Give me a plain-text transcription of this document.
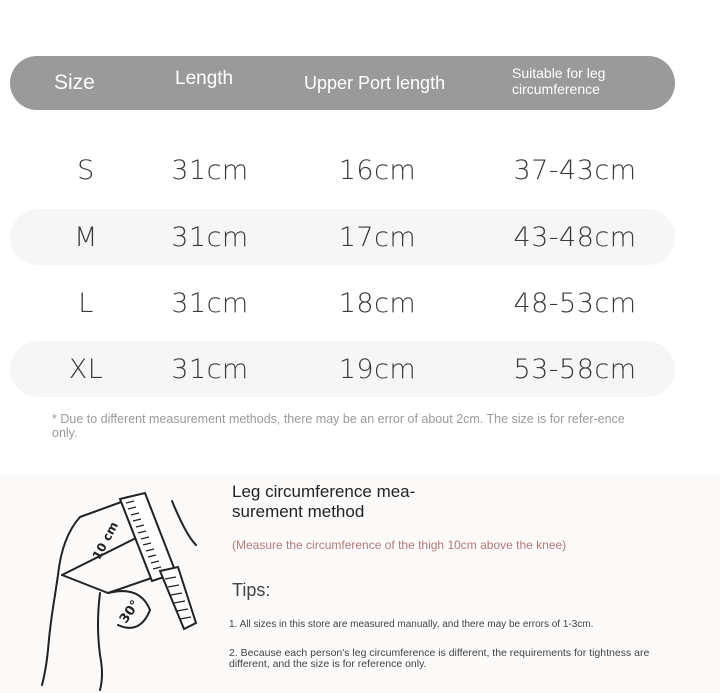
Size	Length	Upper Port length	Suitable for leg circumference
S	31cm	16cm	37-43cm
M	31cm	17cm	43-48cm
L	31cm	18cm	48-53cm
XL	31cm	19cm	53-58cm
* Due to different measurement methods, there may be an error of about 2cm. The size is for refer-ence only.
10 cm
30°
Leg circumference mea-surement method
(Measure the circumference of the thigh 10cm above the knee)
Tips:
1. All sizes in this store are measured manually, and there may be errors of 1-3cm.
2. Because each person's leg circumference is different, the requirements for tightness are different, and the size is for reference only.
